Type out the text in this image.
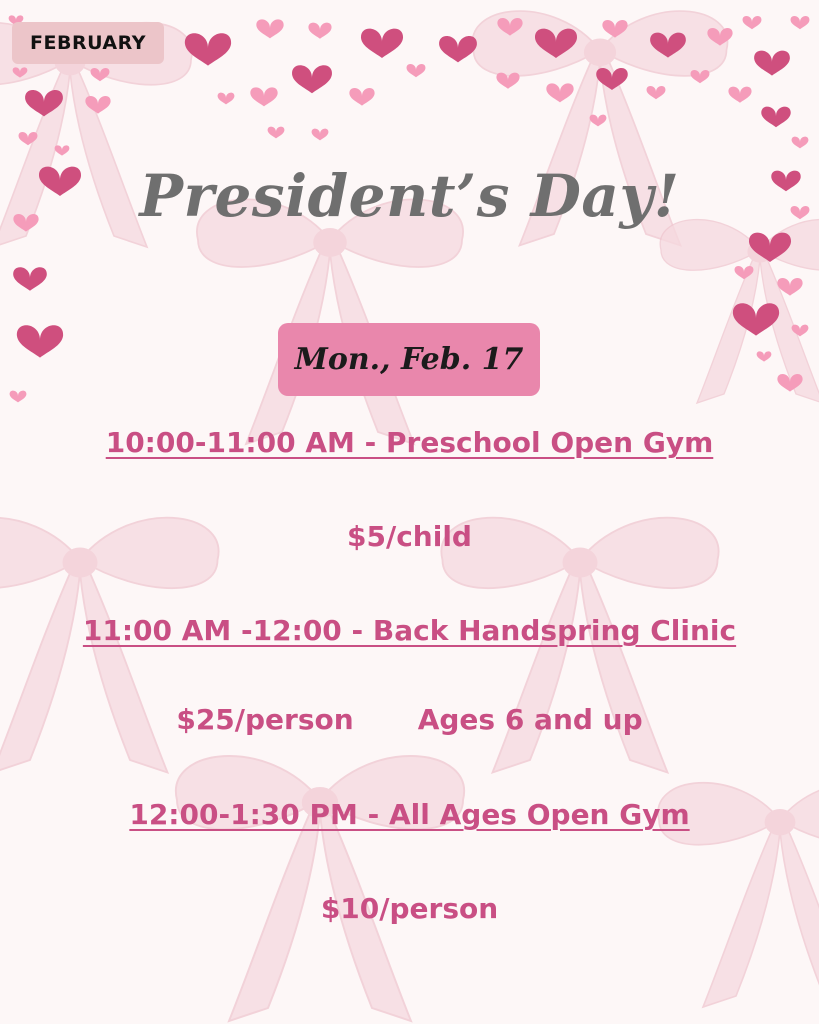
FEBRUARY
President’s Day!
Mon., Feb. 17
10:00-11:00 AM - Preschool Open Gym
$5/child
11:00 AM -12:00 - Back Handspring Clinic
$25/person Ages 6 and up
12:00-1:30 PM - All Ages Open Gym
$10/person
